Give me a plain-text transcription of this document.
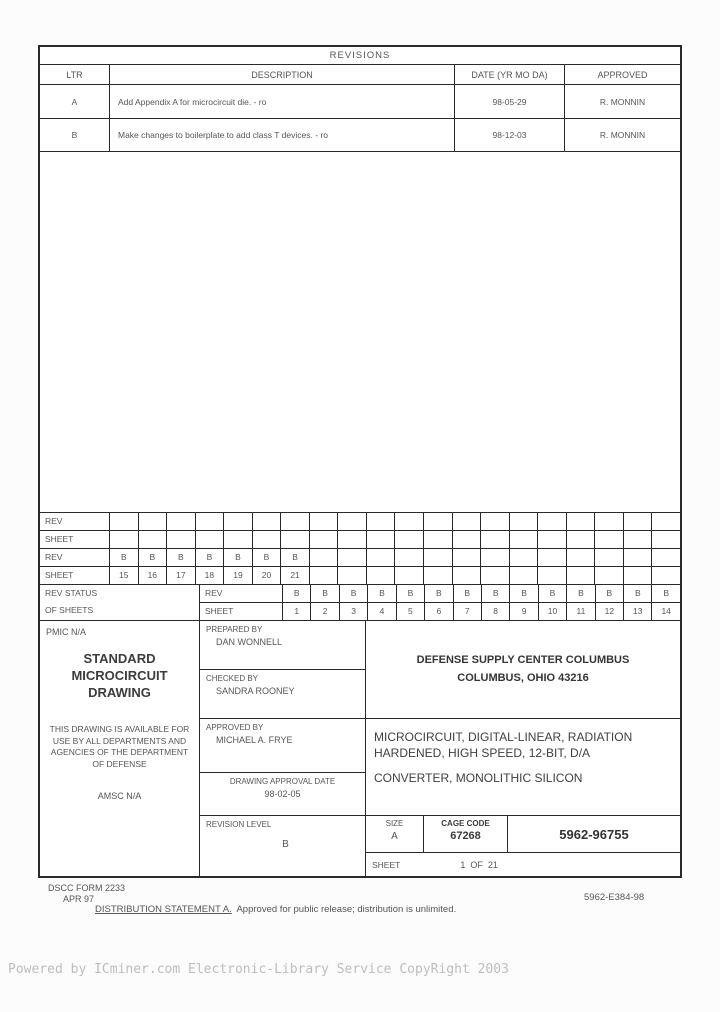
REVISIONS
LTR	DESCRIPTION	DATE (YR MO DA)	APPROVED
A	Add Appendix A for microcircuit die. - ro	98-05-29	R. MONNIN
B	Make changes to boilerplate to add class T devices. - ro	98-12-03	R. MONNIN
REV
SHEET
REV	B	B	B	B	B	B	B
SHEET	15	16	17	18	19	20	21
REV STATUS
OF SHEETS
REV	B	B	B	B	B	B	B	B	B	B	B	B	B	B
SHEET	1	2	3	4	5	6	7	8	9	10	11	12	13	14
PMIC N/A
STANDARD MICROCIRCUIT DRAWING
THIS DRAWING IS AVAILABLE FOR USE BY ALL DEPARTMENTS AND AGENCIES OF THE DEPARTMENT OF DEFENSE
AMSC N/A
PREPARED BY
DAN WONNELL
CHECKED BY
SANDRA ROONEY
APPROVED BY
MICHAEL A. FRYE
DRAWING APPROVAL DATE
98-02-05
REVISION LEVEL
B
DEFENSE SUPPLY CENTER COLUMBUS
COLUMBUS, OHIO 43216
MICROCIRCUIT, DIGITAL-LINEAR, RADIATION HARDENED, HIGH SPEED, 12-BIT, D/A
CONVERTER, MONOLITHIC SILICON
SIZE
A
CAGE CODE
67268	5962-96755
SHEET	1  OF  21
DSCC FORM 2233
APR 97
DISTRIBUTION STATEMENT A.  Approved for public release; distribution is unlimited.
5962-E384-98
Powered by ICminer.com Electronic-Library Service CopyRight 2003
